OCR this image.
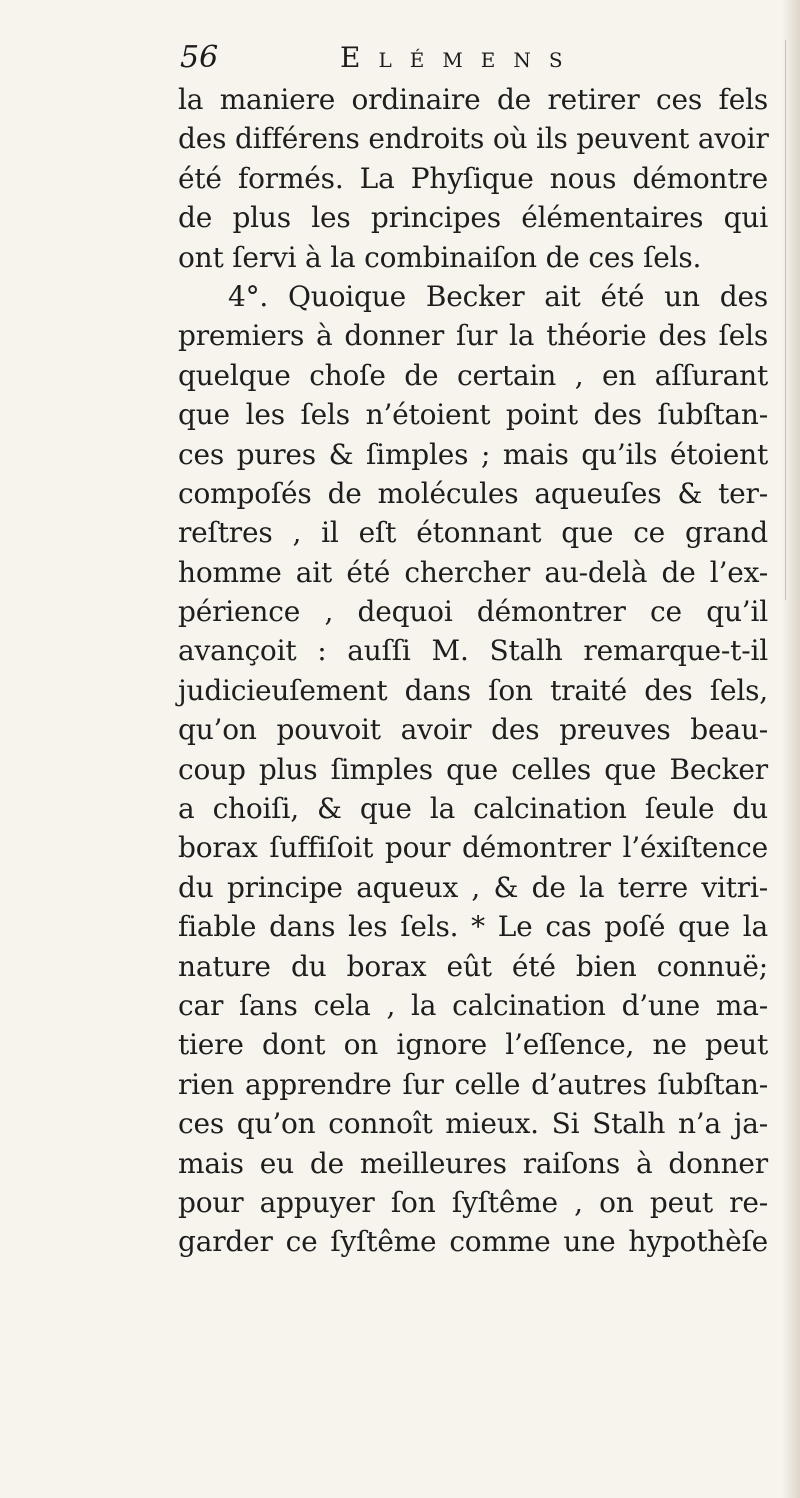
56	Elémens
la maniere ordinaire de retirer ces fels
des différens endroits où ils peuvent avoir
été formés. La Phyſique nous démontre
de plus les principes élémentaires qui
ont ſervi à la combinaiſon de ces ſels.
4°. Quoique Becker ait été un des
premiers à donner ſur la théorie des ſels
quelque choſe de certain , en aſſurant
que les ſels n’étoient point des ſubſtan-
ces pures & ſimples ; mais qu’ils étoient
compoſés de molécules aqueuſes & ter-
reſtres , il eſt étonnant que ce grand
homme ait été chercher au-delà de l’ex-
périence , dequoi démontrer ce qu’il
avançoit : auſſi M. Stalh remarque-t-il
judicieuſement dans ſon traité des ſels,
qu’on pouvoit avoir des preuves beau-
coup plus ſimples que celles que Becker
a choiſi, & que la calcination ſeule du
borax ſuffiſoit pour démontrer l’éxiſtence
du principe aqueux , & de la terre vitri-
fiable dans les ſels. * Le cas poſé que la
nature du borax eût été bien connuë;
car ſans cela , la calcination d’une ma-
tiere dont on ignore l’eſſence, ne peut
rien apprendre ſur celle d’autres ſubſtan-
ces qu’on connoît mieux. Si Stalh n’a ja-
mais eu de meilleures raiſons à donner
pour appuyer ſon ſyſtême , on peut re-
garder ce ſyſtême comme une hypothèſe
